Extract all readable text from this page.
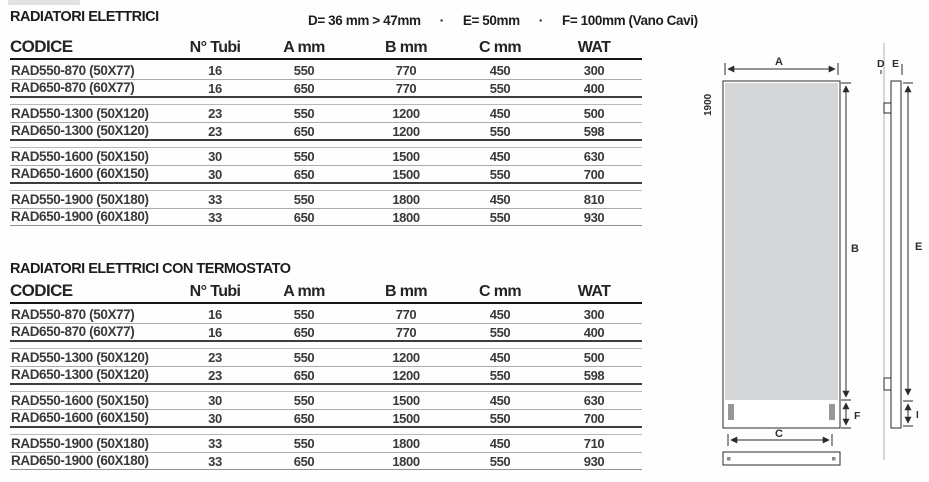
RADIATORI ELETTRICI	D= 36 mm > 47mm · E= 50mm · F= 100mm (Vano Cavi)
CODICE	N° Tubi	A mm	B mm	C mm	WAT
RAD550-870 (50X77)	16	550	770	450	300
RAD650-870 (60X77)	16	650	770	550	400
RAD550-1300 (50X120)	23	550	1200	450	500
RAD650-1300 (50X120)	23	650	1200	550	598
RAD550-1600 (50X150)	30	550	1500	450	630
RAD650-1600 (60X150)	30	650	1500	550	700
RAD550-1900 (50X180)	33	550	1800	450	810
RAD650-1900 (60X180)	33	650	1800	550	930
RADIATORI ELETTRICI CON TERMOSTATO
CODICE	N° Tubi	A mm	B mm	C mm	WAT
RAD550-870 (50X77)	16	550	770	450	300
RAD650-870 (60X77)	16	650	770	550	400
RAD550-1300 (50X120)	23	550	1200	450	500
RAD650-1300 (50X120)	23	650	1200	550	598
RAD550-1600 (50X150)	30	550	1500	450	630
RAD650-1600 (60X150)	30	650	1500	550	700
RAD550-1900 (50X180)	33	550	1800	450	710
RAD650-1900 (60X180)	33	650	1800	550	930
A
1900
B
F
C
D E
E
I
